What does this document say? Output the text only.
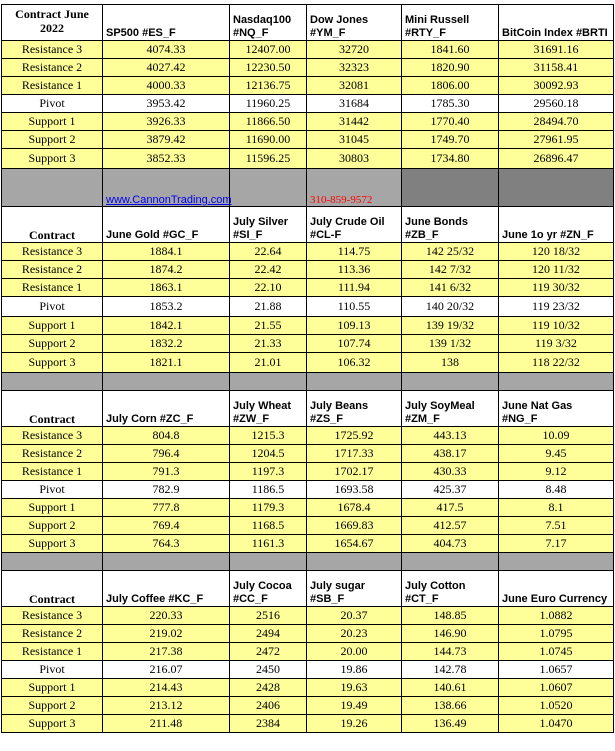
Contract June
2022	SP500 #ES_F	Nasdaq100 #NQ_F	Dow Jones #YM_F	Mini Russell #RTY_F	BitCoin Index #BRTI
Resistance 3	4074.33	12407.00	32720	1841.60	31691.16
Resistance 2	4027.42	12230.50	32323	1820.90	31158.41
Resistance 1	4000.33	12136.75	32081	1806.00	30092.93
Pivot	3953.42	11960.25	31684	1785.30	29560.18
Support 1	3926.33	11866.50	31442	1770.40	28494.70
Support 2	3879.42	11690.00	31045	1749.70	27961.95
Support 3	3852.33	11596.25	30803	1734.80	26896.47
	www.CannonTrading.com		310-859-9572		
Contract	June Gold #GC_F	July Silver #SI_F	July Crude Oil #CL-F	June Bonds #ZB_F	June 1o yr #ZN_F
Resistance 3	1884.1	22.64	114.75	142 25/32	120 18/32
Resistance 2	1874.2	22.42	113.36	142 7/32	120 11/32
Resistance 1	1863.1	22.10	111.94	141 6/32	119 30/32
Pivot	1853.2	21.88	110.55	140 20/32	119 23/32
Support 1	1842.1	21.55	109.13	139 19/32	119 10/32
Support 2	1832.2	21.33	107.74	139 1/32	119 3/32
Support 3	1821.1	21.01	106.32	138	118 22/32

Contract	July Corn #ZC_F	July Wheat #ZW_F	July Beans #ZS_F	July SoyMeal #ZM_F	June Nat Gas #NG_F
Resistance 3	804.8	1215.3	1725.92	443.13	10.09
Resistance 2	796.4	1204.5	1717.33	438.17	9.45
Resistance 1	791.3	1197.3	1702.17	430.33	9.12
Pivot	782.9	1186.5	1693.58	425.37	8.48
Support 1	777.8	1179.3	1678.4	417.5	8.1
Support 2	769.4	1168.5	1669.83	412.57	7.51
Support 3	764.3	1161.3	1654.67	404.73	7.17

Contract	July Coffee #KC_F	July Cocoa #CC_F	July sugar #SB_F	July Cotton #CT_F	June Euro Currency
Resistance 3	220.33	2516	20.37	148.85	1.0882
Resistance 2	219.02	2494	20.23	146.90	1.0795
Resistance 1	217.38	2472	20.00	144.73	1.0745
Pivot	216.07	2450	19.86	142.78	1.0657
Support 1	214.43	2428	19.63	140.61	1.0607
Support 2	213.12	2406	19.49	138.66	1.0520
Support 3	211.48	2384	19.26	136.49	1.0470
